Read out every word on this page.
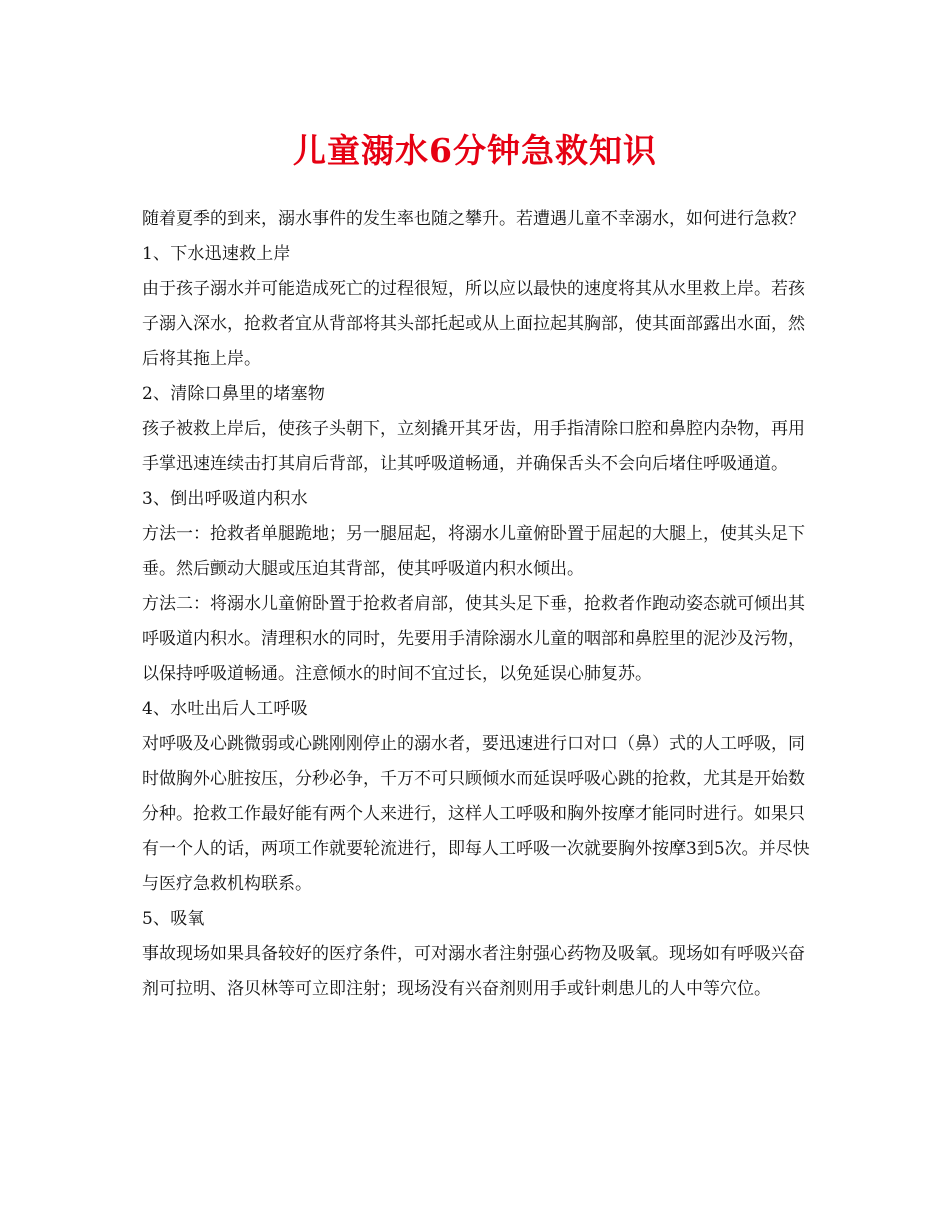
儿童溺水6分钟急救知识

随着夏季的到来，溺水事件的发生率也随之攀升。若遭遇儿童不幸溺水，如何进行急救？

1、下水迅速救上岸

由于孩子溺水并可能造成死亡的过程很短，所以应以最快的速度将其从水里救上岸。若孩子溺入深水，抢救者宜从背部将其头部托起或从上面拉起其胸部，使其面部露出水面，然后将其拖上岸。

2、清除口鼻里的堵塞物

孩子被救上岸后，使孩子头朝下，立刻撬开其牙齿，用手指清除口腔和鼻腔内杂物，再用手掌迅速连续击打其肩后背部，让其呼吸道畅通，并确保舌头不会向后堵住呼吸通道。

3、倒出呼吸道内积水

方法一：抢救者单腿跪地；另一腿屈起，将溺水儿童俯卧置于屈起的大腿上，使其头足下垂。然后颤动大腿或压迫其背部，使其呼吸道内积水倾出。

方法二：将溺水儿童俯卧置于抢救者肩部，使其头足下垂，抢救者作跑动姿态就可倾出其呼吸道内积水。清理积水的同时，先要用手清除溺水儿童的咽部和鼻腔里的泥沙及污物，以保持呼吸道畅通。注意倾水的时间不宜过长，以免延误心肺复苏。

4、水吐出后人工呼吸

对呼吸及心跳微弱或心跳刚刚停止的溺水者，要迅速进行口对口（鼻）式的人工呼吸，同时做胸外心脏按压，分秒必争，千万不可只顾倾水而延误呼吸心跳的抢救，尤其是开始数分种。抢救工作最好能有两个人来进行，这样人工呼吸和胸外按摩才能同时进行。如果只有一个人的话，两项工作就要轮流进行，即每人工呼吸一次就要胸外按摩3到5次。并尽快与医疗急救机构联系。

5、吸氧

事故现场如果具备较好的医疗条件，可对溺水者注射强心药物及吸氧。现场如有呼吸兴奋剂可拉明、洛贝林等可立即注射；现场没有兴奋剂则用手或针刺患儿的人中等穴位。
